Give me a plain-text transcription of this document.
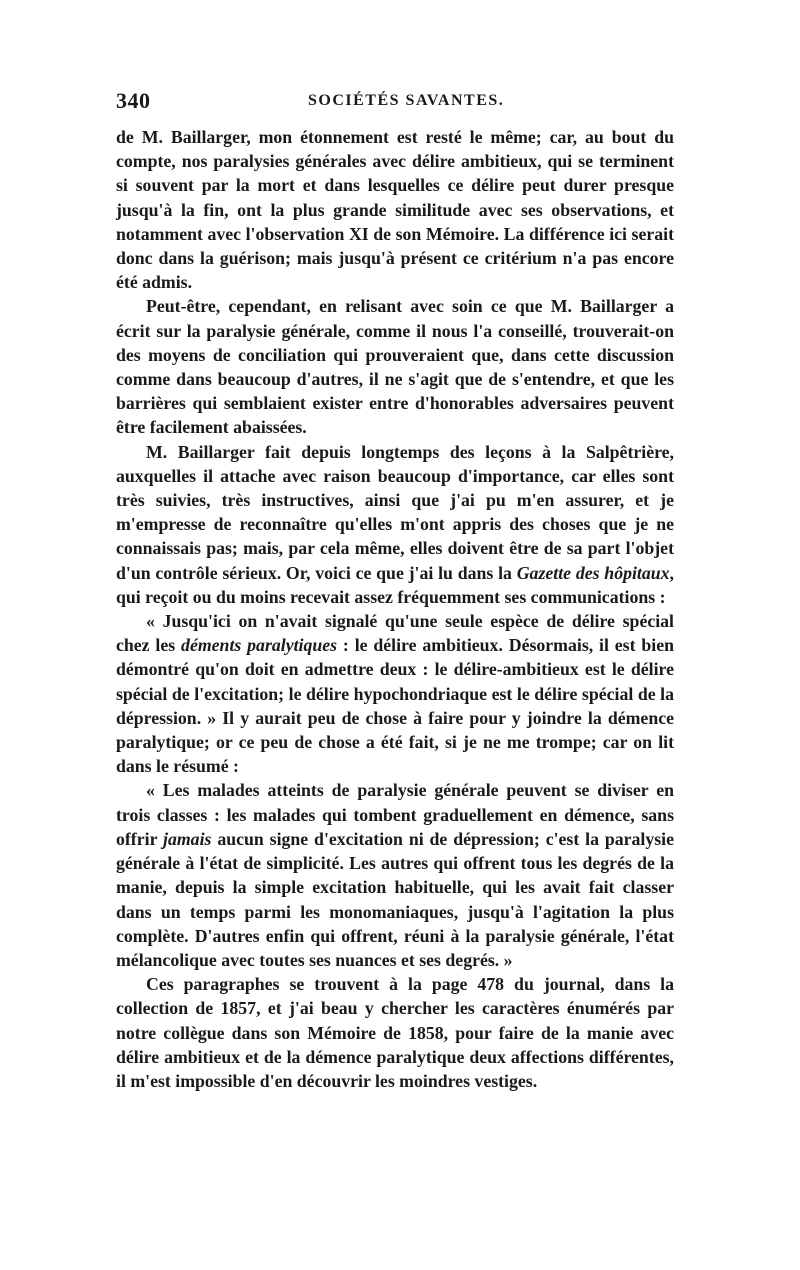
340	SOCIÉTÉS SAVANTES.

de M. Baillarger, mon étonnement est resté le même; car, au bout du compte, nos paralysies générales avec délire ambitieux, qui se terminent si souvent par la mort et dans lesquelles ce délire peut durer presque jusqu'à la fin, ont la plus grande similitude avec ses observations, et notamment avec l'observation XI de son Mémoire. La différence ici serait donc dans la guérison; mais jusqu'à présent ce critérium n'a pas encore été admis.

Peut-être, cependant, en relisant avec soin ce que M. Baillarger a écrit sur la paralysie générale, comme il nous l'a conseillé, trouverait-on des moyens de conciliation qui prouveraient que, dans cette discussion comme dans beaucoup d'autres, il ne s'agit que de s'entendre, et que les barrières qui semblaient exister entre d'honorables adversaires peuvent être facilement abaissées.

M. Baillarger fait depuis longtemps des leçons à la Salpêtrière, auxquelles il attache avec raison beaucoup d'importance, car elles sont très suivies, très instructives, ainsi que j'ai pu m'en assurer, et je m'empresse de reconnaître qu'elles m'ont appris des choses que je ne connaissais pas; mais, par cela même, elles doivent être de sa part l'objet d'un contrôle sérieux. Or, voici ce que j'ai lu dans la Gazette des hôpitaux, qui reçoit ou du moins recevait assez fréquemment ses communications :

« Jusqu'ici on n'avait signalé qu'une seule espèce de délire spécial chez les déments paralytiques : le délire ambitieux. Désormais, il est bien démontré qu'on doit en admettre deux : le délire-ambitieux est le délire spécial de l'excitation; le délire hypochondriaque est le délire spécial de la dépression. » Il y aurait peu de chose à faire pour y joindre la démence paralytique; or ce peu de chose a été fait, si je ne me trompe; car on lit dans le résumé :

« Les malades atteints de paralysie générale peuvent se diviser en trois classes : les malades qui tombent graduellement en démence, sans offrir jamais aucun signe d'excitation ni de dépression; c'est la paralysie générale à l'état de simplicité. Les autres qui offrent tous les degrés de la manie, depuis la simple excitation habituelle, qui les avait fait classer dans un temps parmi les monomaniaques, jusqu'à l'agitation la plus complète. D'autres enfin qui offrent, réuni à la paralysie générale, l'état mélancolique avec toutes ses nuances et ses degrés. »

Ces paragraphes se trouvent à la page 478 du journal, dans la collection de 1857, et j'ai beau y chercher les caractères énumérés par notre collègue dans son Mémoire de 1858, pour faire de la manie avec délire ambitieux et de la démence paralytique deux affections différentes, il m'est impossible d'en découvrir les moindres vestiges.
